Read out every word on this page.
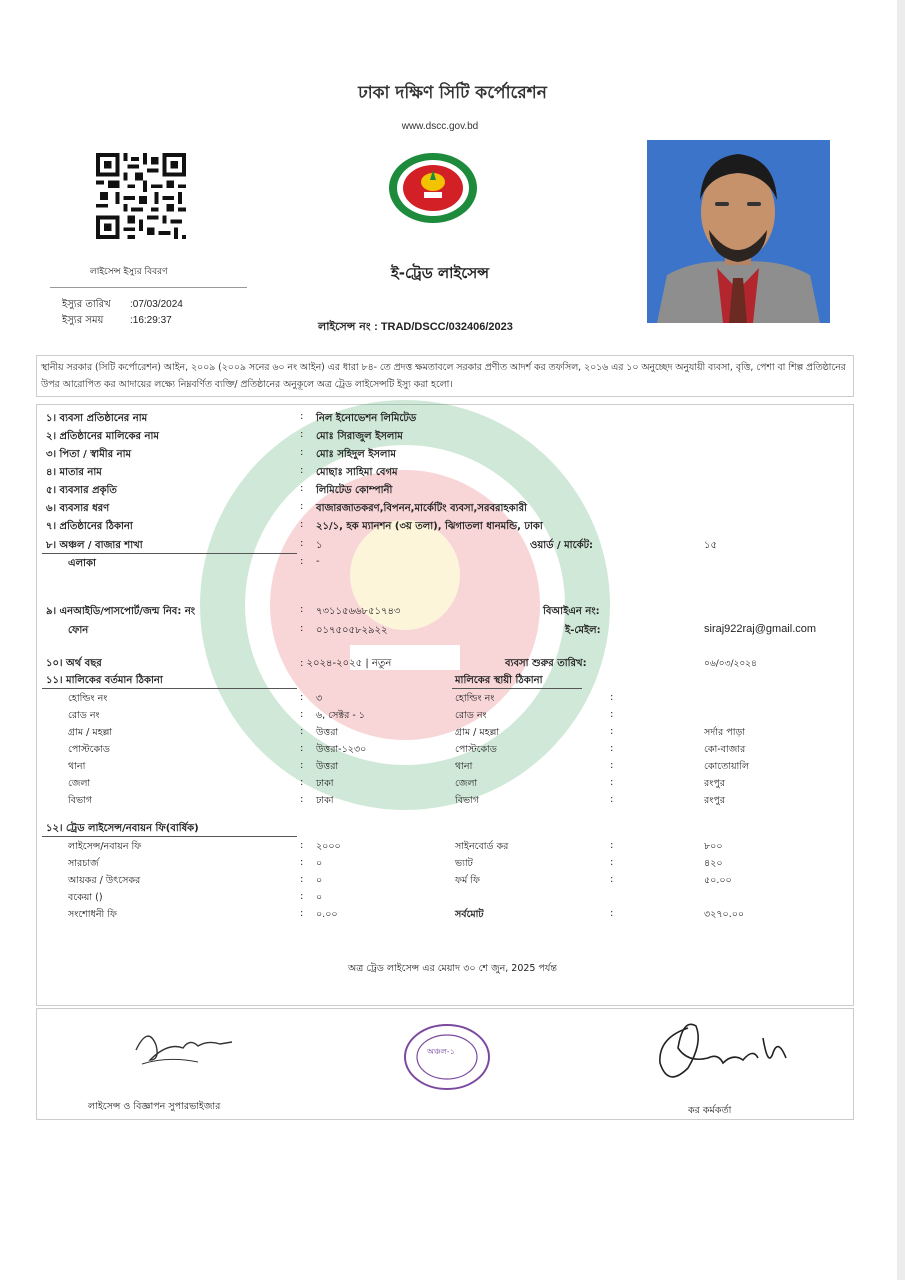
ঢাকা দক্ষিণ সিটি কর্পোরেশন
www.dscc.gov.bd
লাইসেন্স ইস্যুর বিবরণ
ইস্যুর তারিখ :07/03/2024
ইস্যুর সময়	:16:29:37
ই-ট্রেড লাইসেন্স
লাইসেন্স নং : TRAD/DSCC/032406/2023
স্থানীয় সরকার (সিটি কর্পোরেশন) আইন, ২০০৯ (২০০৯ সনের ৬০ নং আইন) এর ধারা ৮৪- তে প্রদত্ত ক্ষমতাবলে সরকার প্রণীত আদর্শ কর তফসিল, ২০১৬ এর ১০ অনুচ্ছেদ অনুযায়ী ব্যবসা, বৃত্তি, পেশা বা শিল্প প্রতিষ্ঠানের উপর আরোপিত কর আদায়ের লক্ষ্যে নিম্নবর্ণিত ব্যক্তি/ প্রতিষ্ঠানের অনুকূলে অত্র ট্রেড লাইসেন্সটি ইস্যু করা হলো।
১। ব্যবসা প্রতিষ্ঠানের নাম	: নিল ইনোভেশন লিমিটেড
২। প্রতিষ্ঠানের মালিকের নাম	: মোঃ সিরাজুল ইসলাম
৩। পিতা / স্বামীর নাম	: মোঃ সহিদুল ইসলাম
৪। মাতার নাম	: মোছাঃ সাহিমা বেগম
৫। ব্যবসার প্রকৃতি	: লিমিটেড কোম্পানী
৬। ব্যবসার ধরণ	: বাজারজাতকরণ,বিপনন,মার্কেটিং ব্যবসা,সরবরাহকারী
৭। প্রতিষ্ঠানের ঠিকানা	: ২১/১, হক ম্যানশন (৩য় তলা), ঝিগাতলা ধানমন্ডি, ঢাকা
৮। অঞ্চল / বাজার শাখা	: ১	ওয়ার্ড / মার্কেট:	১৫
এলাকা	: -
৯। এনআইডি/পাসপোর্ট/জন্ম নিব: নং	: ৭৩১১৫৬৬৮৫১৭৪৩	বিআইএন নং:
ফোন	: ০১৭৫০৫৮২৯২২	ই-মেইল:	siraj922raj@gmail.com
১০। অর্থ বছর	: ২০২৪-২০২৫ | নতুন	ব্যবসা শুরুর তারিখ:	০৬/০৩/২০২৪
১১। মালিকের বর্তমান ঠিকানা	মালিকের স্থায়ী ঠিকানা
হোল্ডিং নং	: ৩	হোল্ডিং নং	:
রোড নং	: ৬, সেক্টর - ১	রোড নং	:
গ্রাম / মহল্লা	: উত্তরা	গ্রাম / মহল্লা	:	সর্দার পাড়া
পোস্টকোড	: উত্তরা-১২৩০	পোস্টকোড	:	কো-বাজার
থানা	: উত্তরা	থানা	:	কোতোয়ালি
জেলা	: ঢাকা	জেলা	:	রংপুর
বিভাগ	: ঢাকা	বিভাগ	:	রংপুর
১২। ট্রেড লাইসেন্স/নবায়ন ফি(বার্ষিক)
লাইসেন্স/নবায়ন ফি	: ২০০০	সাইনবোর্ড কর	:	৮০০
সারচার্জ	: ০	ভ্যাট	:	৪২০
আয়কর / উৎসেকর	: ০	ফর্ম ফি	:	৫০.০০
বকেয়া ()	: ০
সংশোধনী ফি	: ০.০০	সর্বমোট	:	৩২৭০.০০
অত্র ট্রেড লাইসেন্স এর মেয়াদ ৩০ শে জুন, 2025 পর্যন্ত
অঞ্চল-১
লাইসেন্স ও বিজ্ঞাপন সুপারভাইজার	কর কর্মকর্তা
